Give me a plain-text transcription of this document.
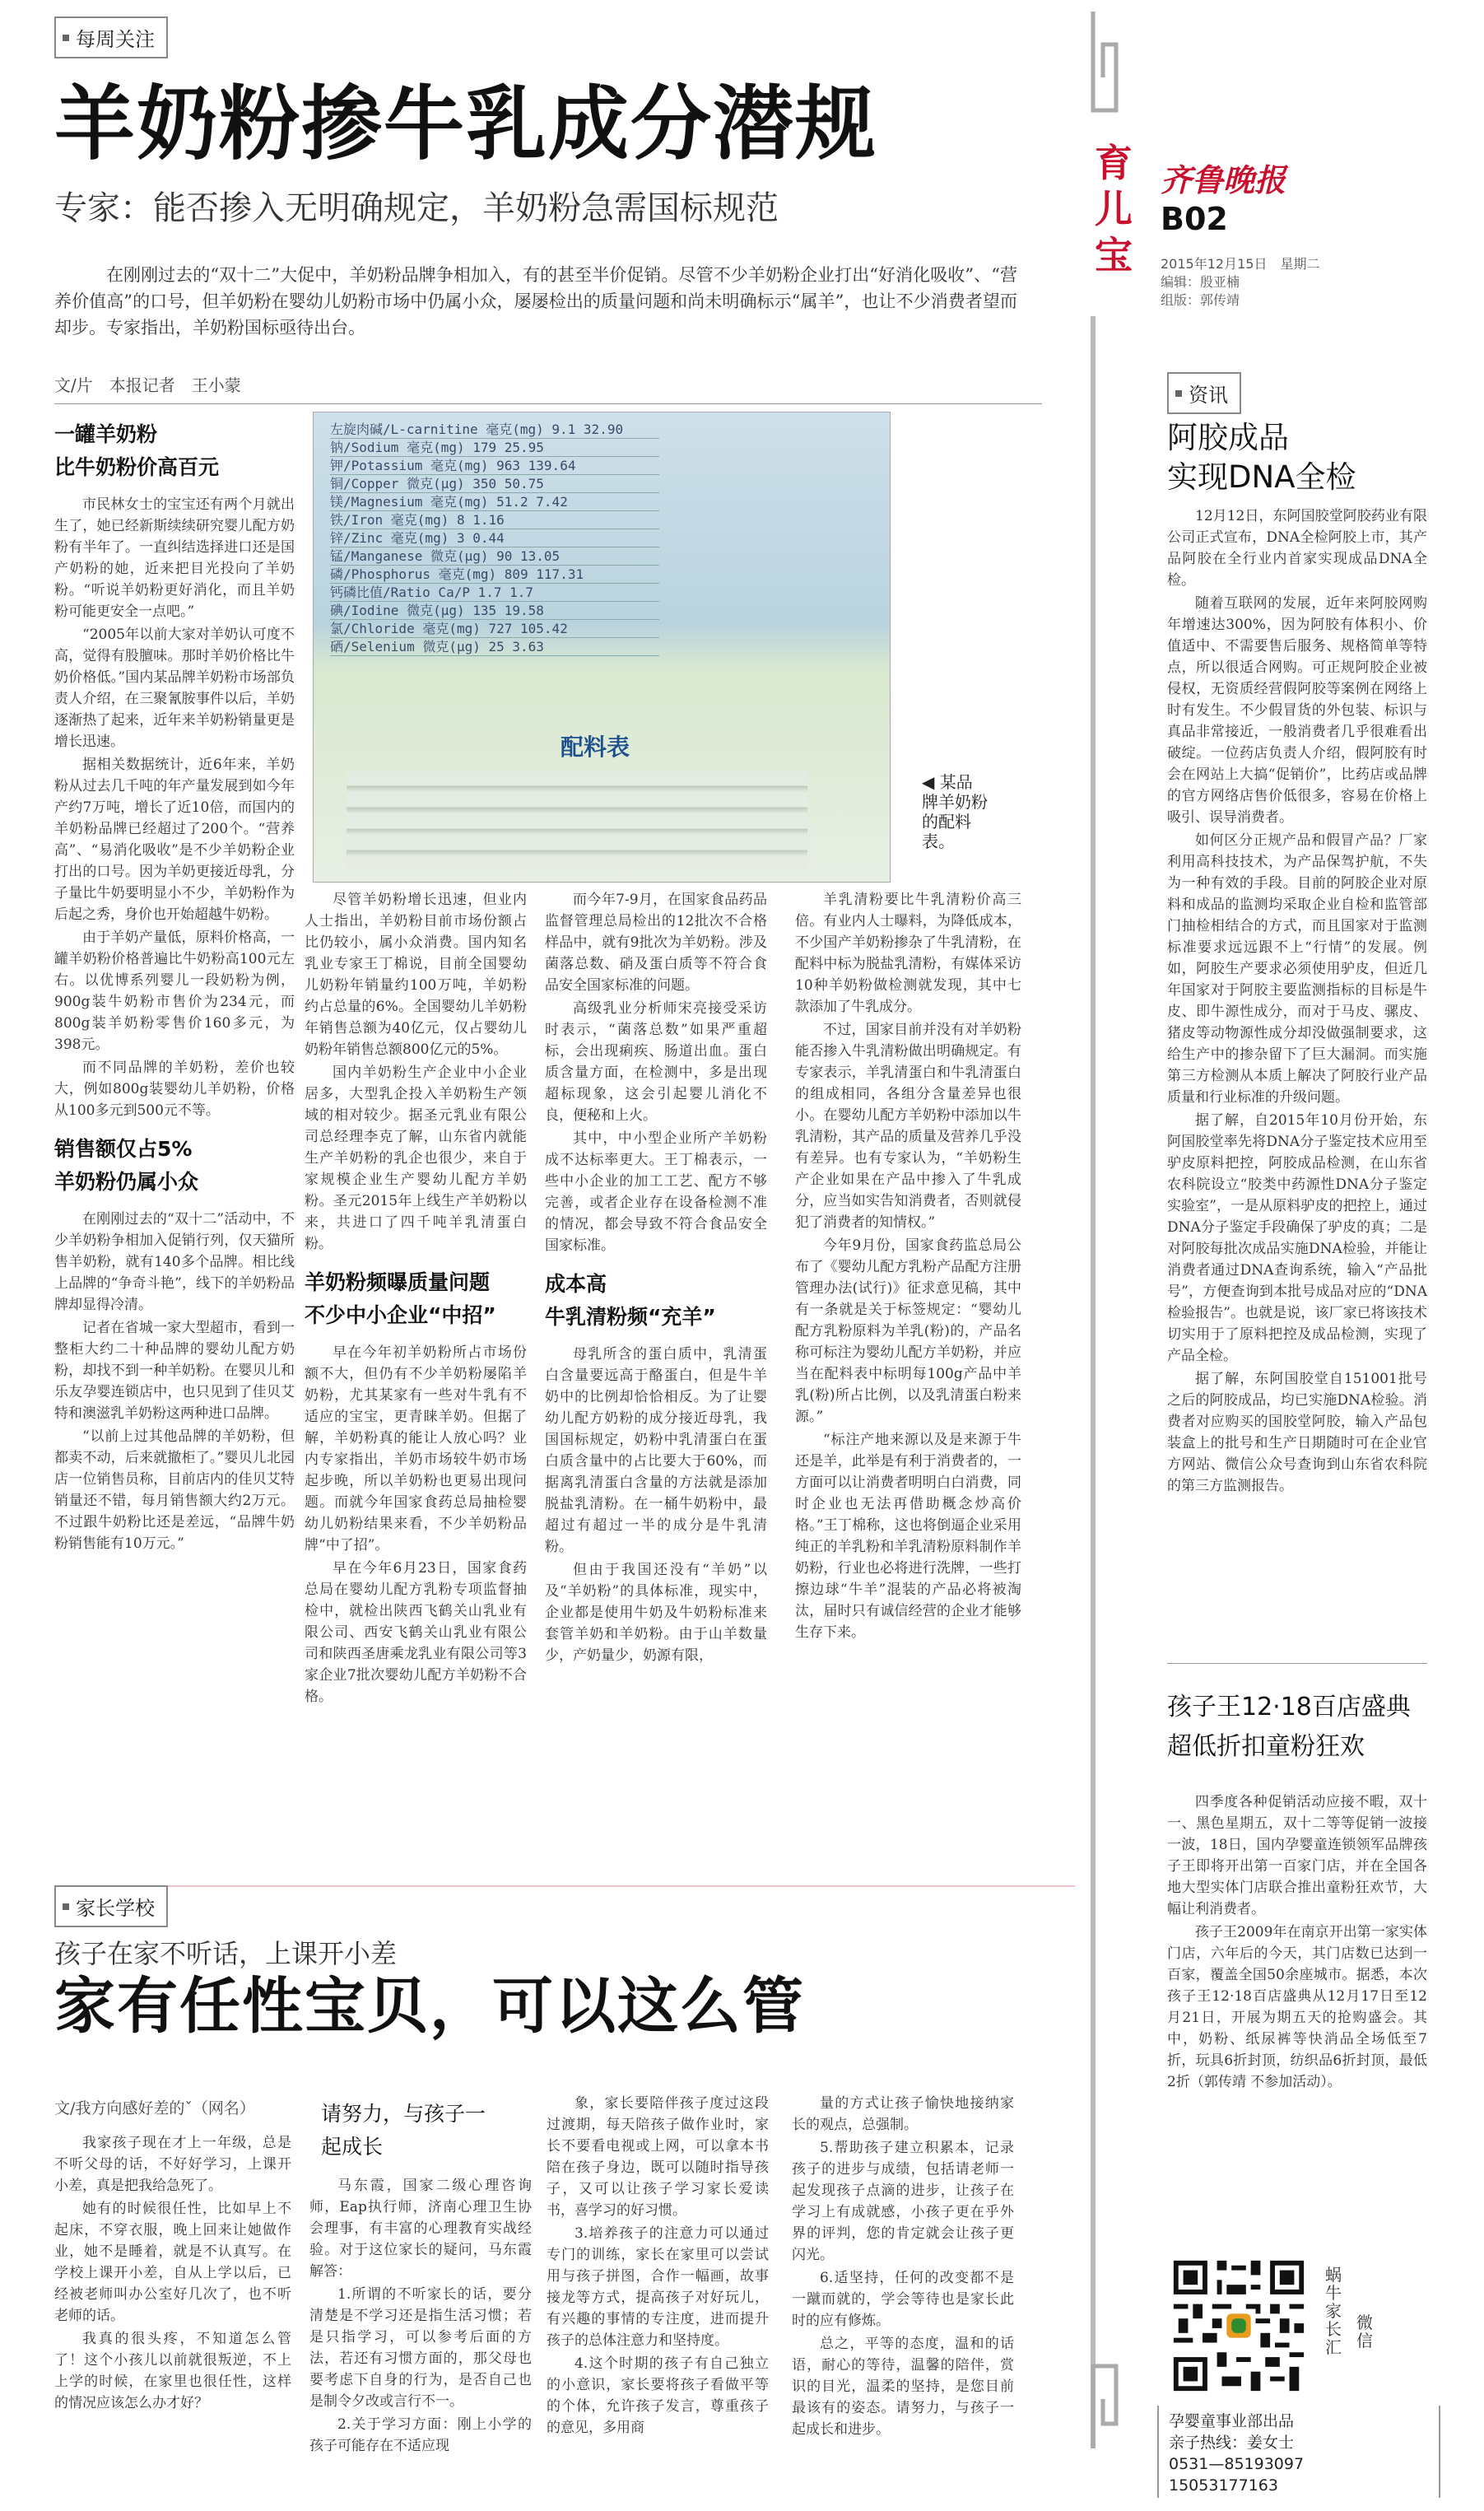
每周关注
羊奶粉掺牛乳成分潜规
专家：能否掺入无明确规定，羊奶粉急需国标规范
在刚刚过去的“双十二”大促中，羊奶粉品牌争相加入，有的甚至半价促销。尽管不少羊奶粉企业打出“好消化吸收”、“营养价值高”的口号，但羊奶粉在婴幼儿奶粉市场中仍属小众，屡屡检出的质量问题和尚未明确标示“属羊”，也让不少消费者望而却步。专家指出，羊奶粉国标亟待出台。
文/片　本报记者　王小蒙
一罐羊奶粉
比牛奶粉价高百元

市民林女士的宝宝还有两个月就出生了，她已经新斯续续研究婴儿配方奶粉有半年了。一直纠结选择进口还是国产奶粉的她，近来把目光投向了羊奶粉。“听说羊奶粉更好消化，而且羊奶粉可能更安全一点吧。”

“2005年以前大家对羊奶认可度不高，觉得有股膻味。那时羊奶价格比牛奶价格低。”国内某品牌羊奶粉市场部负责人介绍，在三聚氰胺事件以后，羊奶逐渐热了起来，近年来羊奶粉销量更是增长迅速。

据相关数据统计，近6年来，羊奶粉从过去几千吨的年产量发展到如今年产约7万吨，增长了近10倍，而国内的羊奶粉品牌已经超过了200个。“营养高”、“易消化吸收”是不少羊奶粉企业打出的口号。因为羊奶更接近母乳，分子量比牛奶要明显小不少，羊奶粉作为后起之秀，身价也开始超越牛奶粉。

由于羊奶产量低，原料价格高，一罐羊奶粉价格普遍比牛奶粉高100元左右。以优博系列婴儿一段奶粉为例，900g装牛奶粉市售价为234元，而800g装羊奶粉零售价160多元，为398元。

而不同品牌的羊奶粉，差价也较大，例如800g装婴幼儿羊奶粉，价格从100多元到500元不等。

销售额仅占5%
羊奶粉仍属小众

在刚刚过去的“双十二”活动中，不少羊奶粉争相加入促销行列，仅天猫所售羊奶粉，就有140多个品牌。相比线上品牌的“争奇斗艳”，线下的羊奶粉品牌却显得冷清。

记者在省城一家大型超市，看到一整柜大约二十种品牌的婴幼儿配方奶粉，却找不到一种羊奶粉。在婴贝儿和乐友孕婴连锁店中，也只见到了佳贝艾特和澳滋乳羊奶粉这两种进口品牌。

“以前上过其他品牌的羊奶粉，但都卖不动，后来就撤柜了。”婴贝儿北园店一位销售员称，目前店内的佳贝艾特销量还不错，每月销售额大约2万元。不过跟牛奶粉比还是差远，“品牌牛奶粉销售能有10万元。”

左旋肉碱/L-carnitine 毫克(mg) 9.1 32.90
钠/Sodium 毫克(mg) 179 25.95
钾/Potassium 毫克(mg) 963 139.64
铜/Copper 微克(μg) 350 50.75
镁/Magnesium 毫克(mg) 51.2 7.42
铁/Iron 毫克(mg) 8 1.16
锌/Zinc 毫克(mg) 3 0.44
锰/Manganese 微克(μg) 90 13.05
磷/Phosphorus 毫克(mg) 809 117.31
钙磷比值/Ratio Ca/P 1.7 1.7
碘/Iodine 微克(μg) 135 19.58
氯/Chloride 毫克(mg) 727 105.42
硒/Selenium 微克(μg) 25 3.63
配料表
◀ 某品牌羊奶粉的配料表。

尽管羊奶粉增长迅速，但业内人士指出，羊奶粉目前市场份额占比仍较小，属小众消费。国内知名乳业专家王丁棉说，目前全国婴幼儿奶粉年销量约100万吨，羊奶粉约占总量的6%。全国婴幼儿羊奶粉年销售总额为40亿元，仅占婴幼儿奶粉年销售总额800亿元的5%。

国内羊奶粉生产企业中小企业居多，大型乳企投入羊奶粉生产领域的相对较少。据圣元乳业有限公司总经理李克了解，山东省内就能生产羊奶粉的乳企也很少，来自于家规模企业生产婴幼儿配方羊奶粉。圣元2015年上线生产羊奶粉以来，共进口了四千吨羊乳清蛋白粉。

羊奶粉频曝质量问题
不少中小企业“中招”

早在今年初羊奶粉所占市场份额不大，但仍有不少羊奶粉屡陷羊奶粉，尤其某家有一些对牛乳有不适应的宝宝，更青睐羊奶。但据了解，羊奶粉真的能让人放心吗？业内专家指出，羊奶市场较牛奶市场起步晚，所以羊奶粉也更易出现问题。而就今年国家食药总局抽检婴幼儿奶粉结果来看，不少羊奶粉品牌“中了招”。

早在今年6月23日，国家食药总局在婴幼儿配方乳粉专项监督抽检中，就检出陕西飞鹤关山乳业有限公司、西安飞鹤关山乳业有限公司和陕西圣唐乘龙乳业有限公司等3家企业7批次婴幼儿配方羊奶粉不合格。

而今年7-9月，在国家食品药品监督管理总局检出的12批次不合格样品中，就有9批次为羊奶粉。涉及菌落总数、硝及蛋白质等不符合食品安全国家标准的问题。

高级乳业分析师宋亮接受采访时表示，“菌落总数”如果严重超标，会出现痢疾、肠道出血。蛋白质含量方面，在检测中，多是出现超标现象，这会引起婴儿消化不良，便秘和上火。

其中，中小型企业所产羊奶粉成不达标率更大。王丁棉表示，一些中小企业的加工工艺、配方不够完善，或者企业存在设备检测不准的情况，都会导致不符合食品安全国家标准。

成本高
牛乳清粉频“充羊”

母乳所含的蛋白质中，乳清蛋白含量要远高于酪蛋白，但是牛羊奶中的比例却恰恰相反。为了让婴幼儿配方奶粉的成分接近母乳，我国国标规定，奶粉中乳清蛋白在蛋白质含量中的占比要大于60%，而据离乳清蛋白含量的方法就是添加脱盐乳清粉。在一桶牛奶粉中，最超过有超过一半的成分是牛乳清粉。

但由于我国还没有“羊奶”以及“羊奶粉”的具体标准，现实中，企业都是使用牛奶及牛奶粉标准来套管羊奶和羊奶粉。由于山羊数量少，产奶量少，奶源有限，

羊乳清粉要比牛乳清粉价高三倍。有业内人士曝料，为降低成本，不少国产羊奶粉掺杂了牛乳清粉，在配料中标为脱盐乳清粉，有媒体采访10种羊奶粉做检测就发现，其中七款添加了牛乳成分。

不过，国家目前并没有对羊奶粉能否掺入牛乳清粉做出明确规定。有专家表示，羊乳清蛋白和牛乳清蛋白的组成相同，各组分含量差异也很小。在婴幼儿配方羊奶粉中添加以牛乳清粉，其产品的质量及营养几乎没有差异。也有专家认为，“羊奶粉生产企业如果在产品中掺入了牛乳成分，应当如实告知消费者，否则就侵犯了消费者的知情权。”

今年9月份，国家食药监总局公布了《婴幼儿配方乳粉产品配方注册管理办法(试行)》征求意见稿，其中有一条就是关于标签规定：“婴幼儿配方乳粉原料为羊乳(粉)的，产品名称可标注为婴幼儿配方羊奶粉，并应当在配料表中标明每100g产品中羊乳(粉)所占比例，以及乳清蛋白粉来源。”

“标注产地来源以及是来源于牛还是羊，此举是有利于消费者的，一方面可以让消费者明明白白消费，同时企业也无法再借助概念炒高价格。”王丁棉称，这也将倒逼企业采用纯正的羊乳粉和羊乳清粉原料制作羊奶粉，行业也必将进行洗牌，一些打擦边球“牛羊”混装的产品必将被淘汰，届时只有诚信经营的企业才能够生存下来。

家长学校
孩子在家不听话，上课开小差
家有任性宝贝，可以这么管
文/我方向感好差的ˇ（网名）	请努力，与孩子一
起成长

我家孩子现在才上一年级，总是不听父母的话，不好好学习，上课开小差，真是把我给急死了。

她有的时候很任性，比如早上不起床，不穿衣服，晚上回来让她做作业，她不是睡着，就是不认真写。在学校上课开小差，自从上学以后，已经被老师叫办公室好几次了，也不听老师的话。

我真的很头疼，不知道怎么管了！这个小孩儿以前就很叛逆，不上上学的时候，在家里也很任性，这样的情况应该怎么办才好？

马东霞，国家二级心理咨询师，Eap执行师，济南心理卫生协会理事，有丰富的心理教育实战经验。对于这位家长的疑问，马东霞解答：

1.所谓的不听家长的话，要分清楚是不学习还是指生活习惯；若是只指学习，可以参考后面的方法，若还有习惯方面的，那父母也要考虑下自身的行为，是否自己也是制令夕改或言行不一。

2.关于学习方面：刚上小学的孩子可能存在不适应现

象，家长要陪伴孩子度过这段过渡期，每天陪孩子做作业时，家长不要看电视或上网，可以拿本书陪在孩子身边，既可以随时指导孩子，又可以让孩子学习家长爱读书，喜学习的好习惯。

3.培养孩子的注意力可以通过专门的训练，家长在家里可以尝试用与孩子拼图，合作一幅画，故事接龙等方式，提高孩子对好玩儿，有兴趣的事情的专注度，进而提升孩子的总体注意力和坚持度。

4.这个时期的孩子有自己独立的小意识，家长要将孩子看做平等的个体，允许孩子发言，尊重孩子的意见，多用商

量的方式让孩子愉快地接纳家长的观点，总强制。

5.帮助孩子建立积累本，记录孩子的进步与成绩，包括请老师一起发现孩子点滴的进步，让孩子在学习上有成就感，小孩子更在乎外界的评判，您的肯定就会让孩子更闪光。

6.适坚持，任何的改变都不是一蹴而就的，学会等待也是家长此时的应有修炼。

总之，平等的态度，温和的话语，耐心的等待，温馨的陪伴，赏识的目光，温柔的坚持，是您目前最该有的姿态。请努力，与孩子一起成长和进步。

育儿宝
齐鲁晚报
B02
2015年12月15日　星期二
编辑：殷亚楠
组版：郭传靖
资讯
阿胶成品
实现DNA全检

12月12日，东阿国胶堂阿胶药业有限公司正式宣布，DNA全检阿胶上市，其产品阿胶在全行业内首家实现成品DNA全检。

随着互联网的发展，近年来阿胶网购年增速达300%，因为阿胶有体积小、价值适中、不需要售后服务、规格简单等特点，所以很适合网购。可正规阿胶企业被侵权，无资质经营假阿胶等案例在网络上时有发生。不少假冒货的外包装、标识与真品非常接近，一般消费者几乎很难看出破绽。一位药店负责人介绍，假阿胶有时会在网站上大搞“促销价”，比药店或品牌的官方网络店售价低很多，容易在价格上吸引、误导消费者。

如何区分正规产品和假冒产品？厂家利用高科技技术，为产品保驾护航，不失为一种有效的手段。目前的阿胶企业对原料和成品的监测均采取企业自检和监管部门抽检相结合的方式，而且国家对于监测标准要求远远跟不上“行情”的发展。例如，阿胶生产要求必须使用驴皮，但近几年国家对于阿胶主要监测指标的目标是牛皮、即牛源性成分，而对于马皮、骡皮、猪皮等动物源性成分却没做强制要求，这给生产中的掺杂留下了巨大漏洞。而实施第三方检测从本质上解决了阿胶行业产品质量和行业标准的升级问题。

据了解，自2015年10月份开始，东阿国胶堂率先将DNA分子鉴定技术应用至驴皮原料把控，阿胶成品检测，在山东省农科院设立“胶类中药源性DNA分子鉴定实验室”，一是从原料驴皮的把控上，通过DNA分子鉴定手段确保了驴皮的真；二是对阿胶每批次成品实施DNA检验，并能让消费者通过DNA查询系统，输入“产品批号”，方便查询到本批号成品对应的“DNA检验报告”。也就是说，该厂家已将该技术切实用于了原料把控及成品检测，实现了产品全检。

据了解，东阿国胶堂自151001批号之后的阿胶成品，均已实施DNA检验。消费者对应购买的国胶堂阿胶，输入产品包装盒上的批号和生产日期随时可在企业官方网站、微信公众号查询到山东省农科院的第三方监测报告。

孩子王12·18百店盛典
超低折扣童粉狂欢

四季度各种促销活动应接不暇，双十一、黑色星期五，双十二等等促销一波接一波，18日，国内孕婴童连锁领军品牌孩子王即将开出第一百家门店，并在全国各地大型实体门店联合推出童粉狂欢节，大幅让利消费者。

孩子王2009年在南京开出第一家实体门店，六年后的今天，其门店数已达到一百家，覆盖全国50余座城市。据悉，本次孩子王12·18百店盛典从12月17日至12月21日，开展为期五天的抢购盛会。其中，奶粉、纸尿裤等快消品全场低至7折，玩具6折封顶，纺织品6折封顶，最低2折（郭传靖 不参加活动）。

蜗牛家长汇
微信
孕婴童事业部出品
亲子热线：姜女士
0531—85193097
15053177163
